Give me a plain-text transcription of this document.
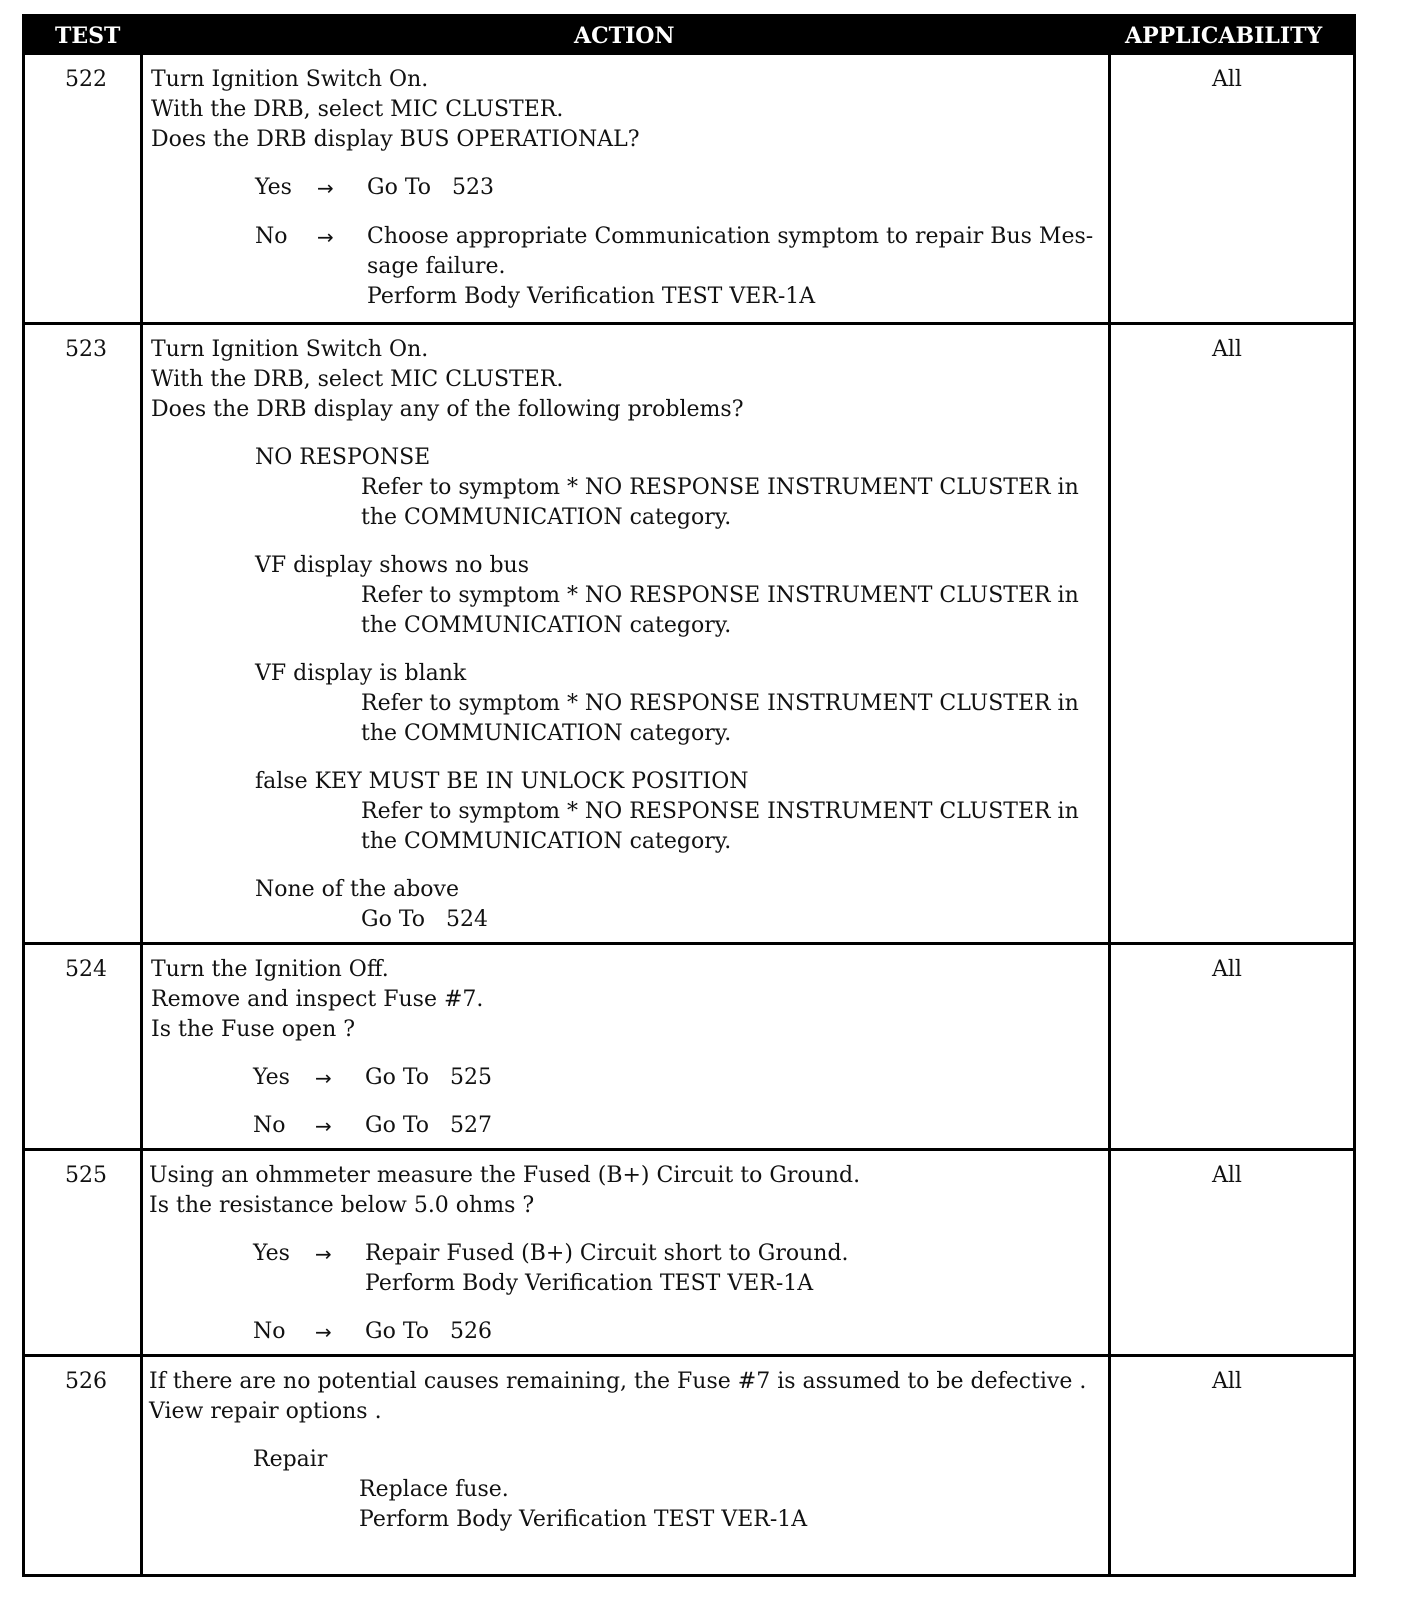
TEST	ACTION	APPLICABILITY
522 Turn Ignition Switch On.
With the DRB, select MIC CLUSTER.
Does the DRB display BUS OPERATIONAL?
Yes → Go To   523
No → Choose appropriate Communication symptom to repair Bus Mes-
sage failure.
Perform Body Verification TEST VER-1A
All
523 Turn Ignition Switch On.
With the DRB, select MIC CLUSTER.
Does the DRB display any of the following problems?
NO RESPONSE
Refer to symptom * NO RESPONSE INSTRUMENT CLUSTER in
the COMMUNICATION category.
VF display shows no bus
Refer to symptom * NO RESPONSE INSTRUMENT CLUSTER in
the COMMUNICATION category.
VF display is blank
Refer to symptom * NO RESPONSE INSTRUMENT CLUSTER in
the COMMUNICATION category.
false KEY MUST BE IN UNLOCK POSITION
Refer to symptom * NO RESPONSE INSTRUMENT CLUSTER in
the COMMUNICATION category.
None of the above
Go To   524
All
524 Turn the Ignition Off.
Remove and inspect Fuse #7.
Is the Fuse open ?
Yes → Go To   525
No → Go To   527
All
525 Using an ohmmeter measure the Fused (B+) Circuit to Ground.
Is the resistance below 5.0 ohms ?
Yes → Repair Fused (B+) Circuit short to Ground.
Perform Body Verification TEST VER-1A
No → Go To   526
All
526 If there are no potential causes remaining, the Fuse #7 is assumed to be defective .
View repair options .
Repair
Replace fuse.
Perform Body Verification TEST VER-1A
All
